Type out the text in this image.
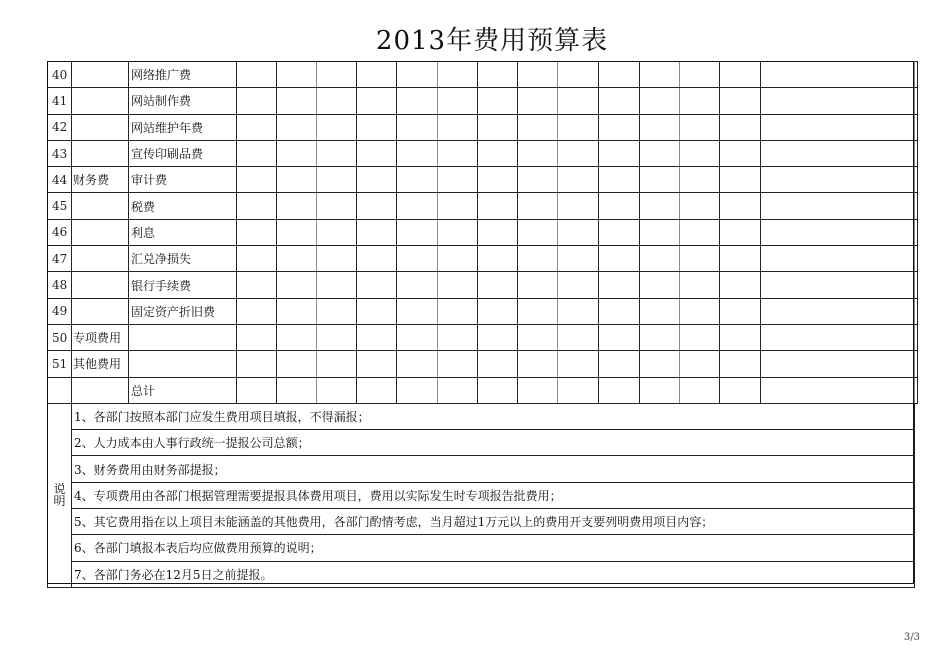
2013年费用预算表
40		网络推广费															
41		网站制作费															
42		网站维护年费															
43		宣传印刷品费															
44	财务费	审计费															
45		税费															
46		利息															
47		汇兑净损失															
48		银行手续费															
49		固定资产折旧费															
50	专项费用																
51	其他费用																
		总计															
说明	1、各部门按照本部门应发生费用项目填报，不得漏报；																
	2、人力成本由人事行政统一提报公司总额；																
	3、财务费用由财务部提报；																
	4、专项费用由各部门根据管理需要提报具体费用项目，费用以实际发生时专项报告批费用；																
	5、其它费用指在以上项目未能涵盖的其他费用，各部门酌情考虑，当月超过1万元以上的费用开支要列明费用项目内容；																
	6、各部门填报本表后均应做费用预算的说明；																
	7、各部门务必在12月5日之前提报。																
3/3
